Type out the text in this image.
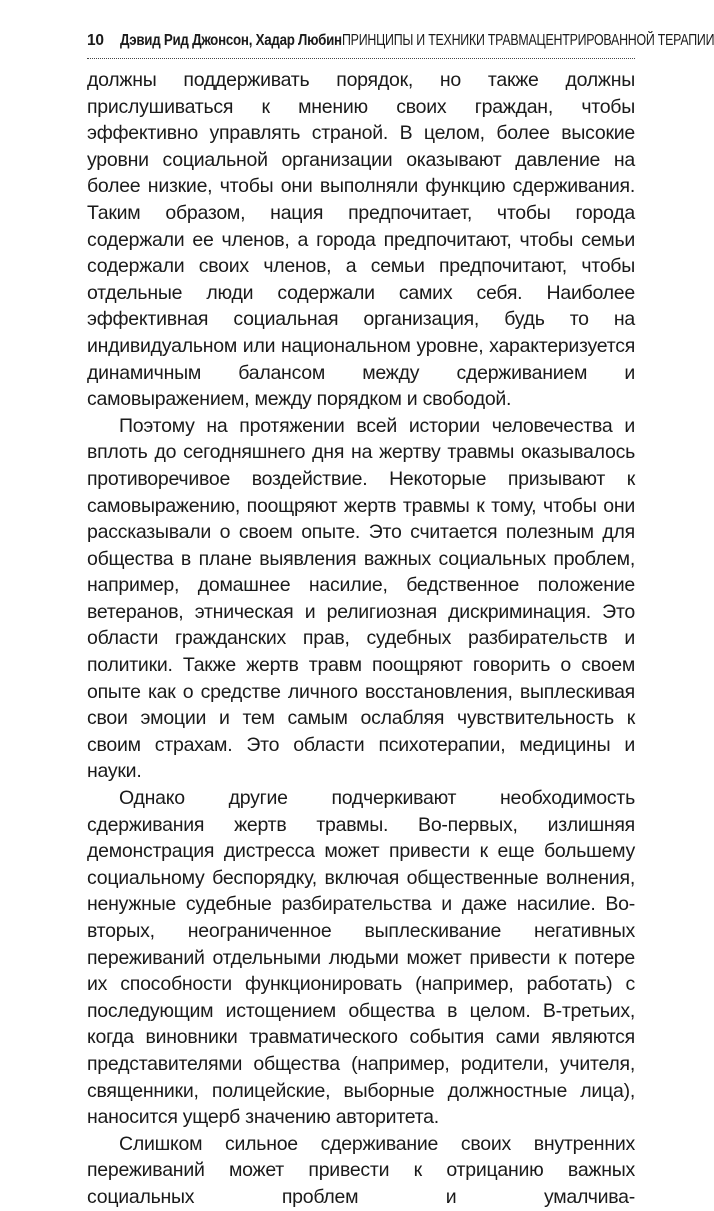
10 Дэвид Рид Джонсон, Хадар Любин ПРИНЦИПЫ И ТЕХНИКИ ТРАВМАЦЕНТРИРОВАННОЙ ТЕРАПИИ

должны поддерживать порядок, но также должны прислушиваться к мнению своих граждан, чтобы эффективно управлять страной. В целом, более высокие уровни социальной организации оказывают давление на более низкие, чтобы они выполняли функцию сдерживания. Таким образом, нация предпочитает, чтобы города содержали ее членов, а города предпочитают, чтобы семьи содержали своих членов, а семьи предпочитают, чтобы отдельные люди содержали самих себя. Наиболее эффективная социальная организация, будь то на индивидуальном или национальном уровне, характеризуется динамичным балансом между сдерживанием и самовыражением, между порядком и свободой.

Поэтому на протяжении всей истории человечества и вплоть до сегодняшнего дня на жертву травмы оказывалось противоречивое воздействие. Некоторые призывают к самовыражению, поощряют жертв травмы к тому, чтобы они рассказывали о своем опыте. Это считается полезным для общества в плане выявления важных социальных проблем, например, домашнее насилие, бедственное положение ветеранов, этническая и религиозная дискриминация. Это области гражданских прав, судебных разбирательств и политики. Также жертв травм поощряют говорить о своем опыте как о средстве личного восстановления, выплескивая свои эмоции и тем самым ослабляя чувствительность к своим страхам. Это области психотерапии, медицины и науки.

Однако другие подчеркивают необходимость сдерживания жертв травмы. Во-первых, излишняя демонстрация дистресса может привести к еще большему социальному беспорядку, включая общественные волнения, ненужные судебные разбирательства и даже насилие. Во-вторых, неограниченное выплескивание негативных переживаний отдельными людьми может привести к потере их способности функционировать (например, работать) с последующим истощением общества в целом. В-третьих, когда виновники травматического события сами являются представителями общества (например, родители, учителя, священники, полицейские, выборные должностные лица), наносится ущерб значению авторитета.

Слишком сильное сдерживание своих внутренних переживаний может привести к отрицанию важных социальных проблем и умалчива-
